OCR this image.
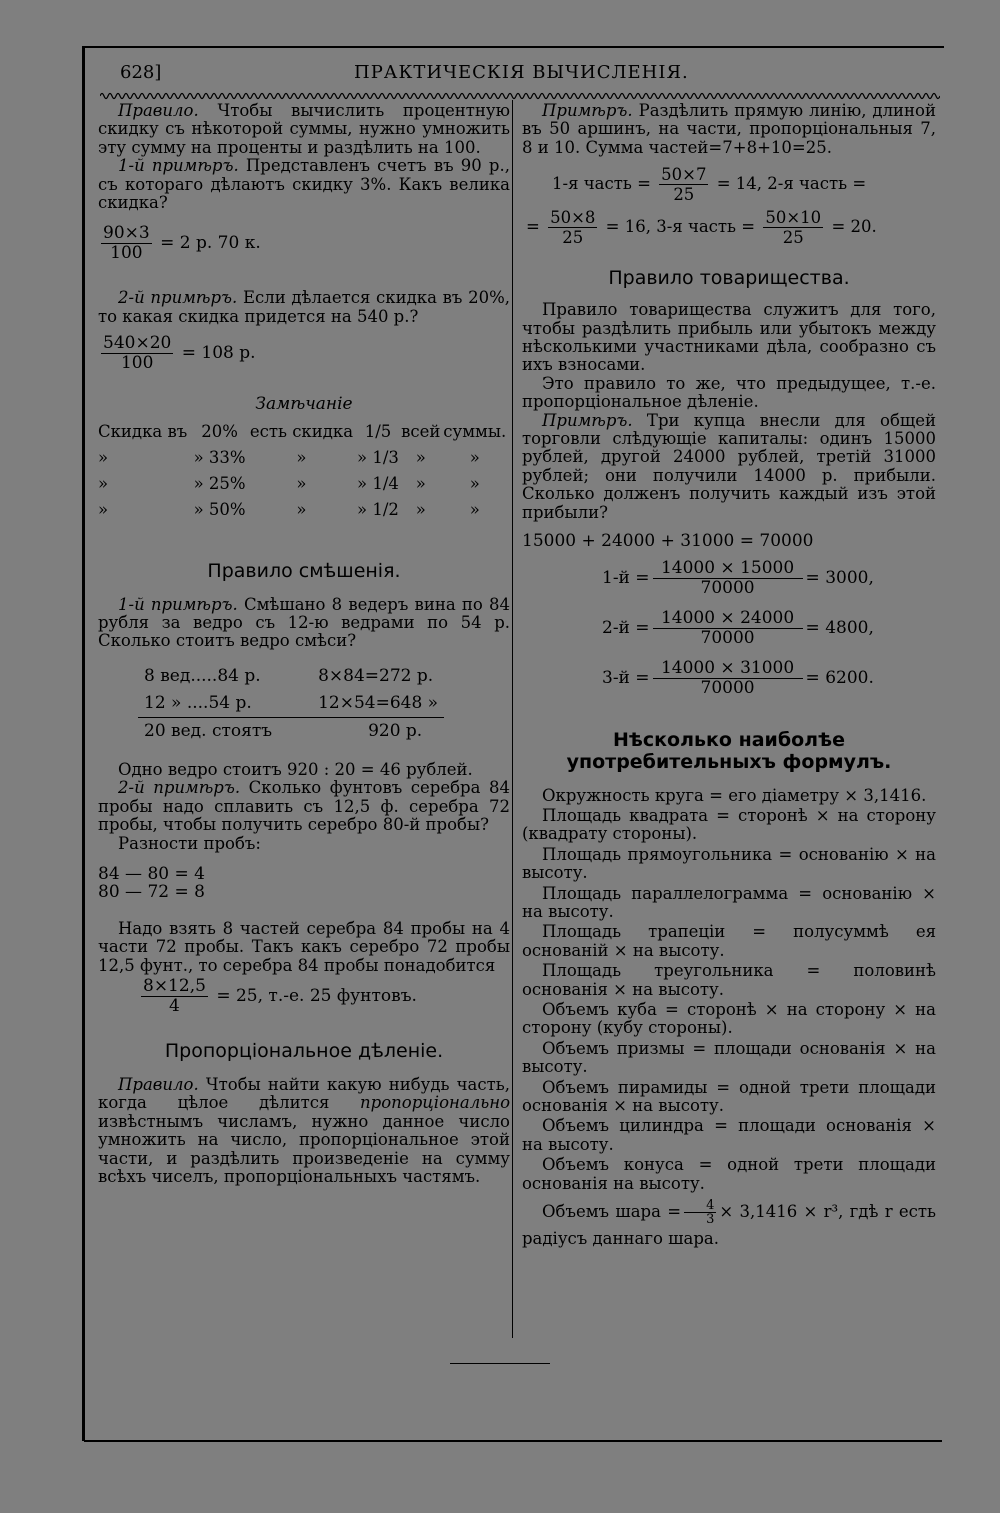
628]	ПРАКТИЧЕСКІЯ ВЫЧИСЛЕНІЯ.

Правило. Чтобы вычислить процентную скидку съ нѣкоторой суммы, нужно умножить эту сумму на проценты и раздѣлить на 100.

1-й примѣръ. Представленъ счетъ въ 90 р., съ котораго дѣлаютъ скидку 3%. Какъ велика скидка?

$\frac{90\times 3}{100} = 2$ р. 70 к.

2-й примѣръ. Если дѣлается скидка въ 20%, то какая скидка придется на 540 р.?

$\frac{540\times 20}{100} = 108$ р.

Замѣчаніе
Скидка въ	20%	есть скидка	1/5	всей	суммы.
»	» 33%	»	» 1/3	»	»
»	» 25%	»	» 1/4	»	»
»	» 50%	»	» 1/2	»	»
Правило смѣшенія.

1-й примѣръ. Смѣшано 8 ведеръ вина по 84 рубля за ведро съ 12-ю ведрами по 54 р. Сколько стоитъ ведро смѣси?

8 вед.....84 р.	8×84=272 р.
12 » ....54 р.	12×54=648 »
20 вед. стоятъ	920 р.

Одно ведро стоитъ 920 : 20 = 46 рублей.

2-й примѣръ. Сколько фунтовъ серебра 84 пробы надо сплавить съ 12,5 ф. серебра 72 пробы, чтобы получить серебро 80-й пробы?

Разности пробъ:

84 — 80 = 4

80 — 72 = 8

Надо взять 8 частей серебра 84 пробы на 4 части 72 пробы. Такъ какъ серебро 72 пробы 12,5 фунт., то серебра 84 пробы понадобится

$\frac{8\times 12,5}{4} = 25$, т.-е. 25 фунтовъ.

Пропорціональное дѣленіе.

Правило. Чтобы найти какую нибудь часть, когда цѣлое дѣлится пропорціонально извѣстнымъ числамъ, нужно данное число умножить на число, пропорціональное этой части, и раздѣлить произведеніе на сумму всѣхъ чиселъ, пропорціональныхъ частямъ.

Примѣръ. Раздѣлить прямую линію, длиной въ 50 аршинъ, на части, пропорціональныя 7, 8 и 10. Сумма частей=7+8+10=25.

1-я часть = $\frac{50\times 7}{25} = 14$, 2-я часть =

= $\frac{50\times 8}{25} = 16$, 3-я часть = $\frac{50\times 10}{25} = 20$.

Правило товарищества.

Правило товарищества служитъ для того, чтобы раздѣлить прибыль или убытокъ между нѣсколькими участниками дѣла, сообразно съ ихъ взносами.

Это правило то же, что предыдущее, т.-е. пропорціональное дѣленіе.

Примѣръ. Три купца внесли для общей торговли слѣдующіе капиталы: одинъ 15000 рублей, другой 24000 рублей, третій 31000 рублей; они получили 14000 р. прибыли. Сколько долженъ получить каждый изъ этой прибыли?

15000 + 24000 + 31000 = 70000

$1-й = \frac{14000 \times 15000}{70000} = 3000$,

$2-й = \frac{14000 \times 24000}{70000} = 4800$,

$3-й = \frac{14000 \times 31000}{70000} = 6200$.

Нѣсколько наиболѣе употребительныхъ формулъ.

Окружность круга = его діаметру × 3,1416.

Площадь квадрата = сторонѣ × на сторону (квадрату стороны).

Площадь прямоугольника = основанію × на высоту.

Площадь параллелограмма = основанію × на высоту.

Площадь трапеціи = полусуммѣ ея основаній × на высоту.

Площадь треугольника = половинѣ основанія × на высоту.

Объемъ куба = сторонѣ × на сторону × на сторону (кубу стороны).

Объемъ призмы = площади основанія × на высоту.

Объемъ пирамиды = одной трети площади основанія × на высоту.

Объемъ цилиндра = площади основанія × на высоту.

Объемъ конуса = одной трети площади основанія на высоту.

Объемъ шара = $\frac{4}{3} \times 3,1416 \times r^3$, гдѣ r есть радіусъ даннаго шара.
